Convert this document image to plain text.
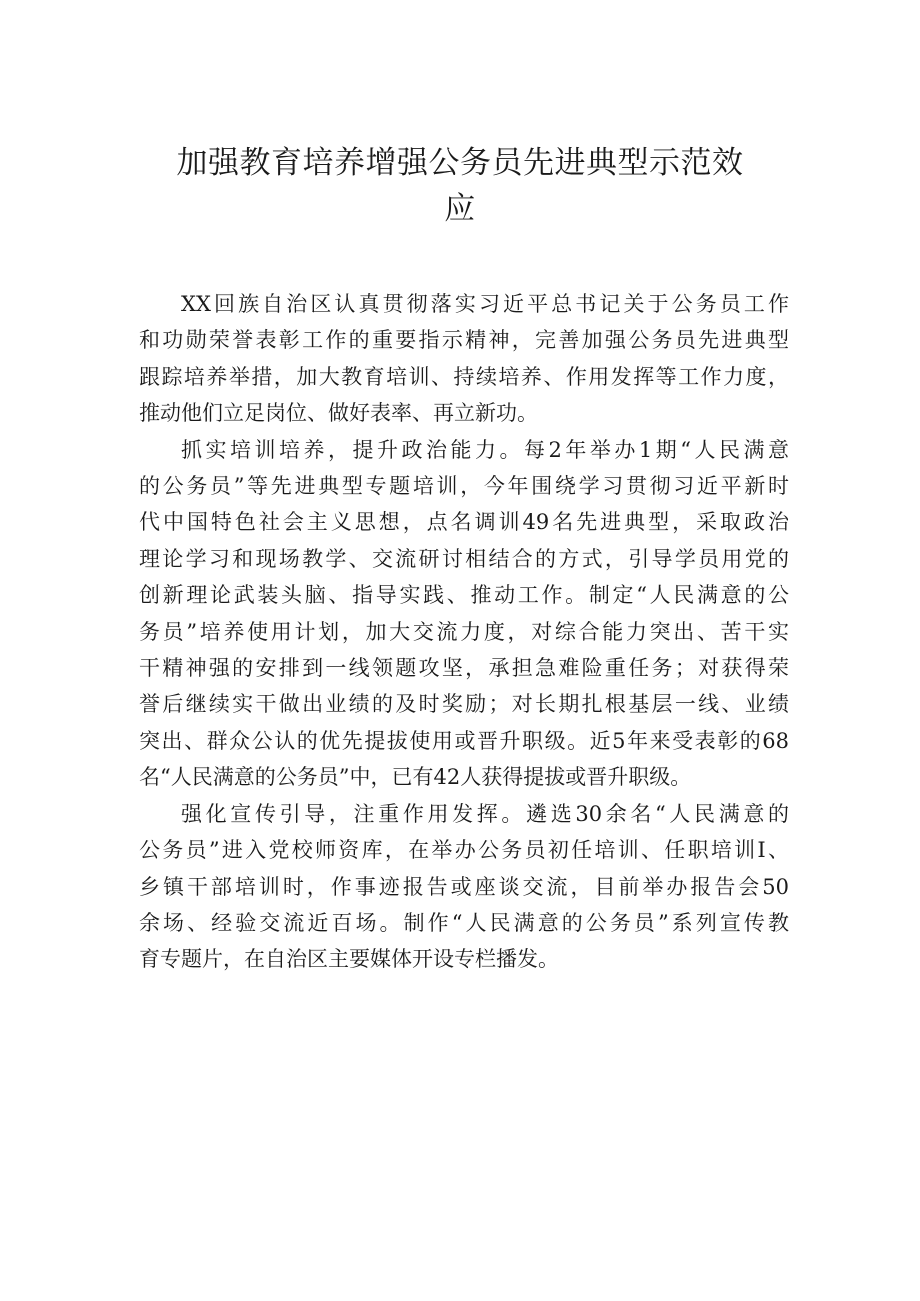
加强教育培养增强公务员先进典型示范效
应
XX回族自治区认真贯彻落实习近平总书记关于公务员工作
和功勋荣誉表彰工作的重要指示精神，完善加强公务员先进典型
跟踪培养举措，加大教育培训、持续培养、作用发挥等工作力度，
推动他们立足岗位、做好表率、再立新功。
抓实培训培养，提升政治能力。每2年举办1期“人民满意
的公务员”等先进典型专题培训，今年围绕学习贯彻习近平新时
代中国特色社会主义思想，点名调训49名先进典型，采取政治
理论学习和现场教学、交流研讨相结合的方式，引导学员用党的
创新理论武装头脑、指导实践、推动工作。制定“人民满意的公
务员”培养使用计划，加大交流力度，对综合能力突出、苦干实
干精神强的安排到一线领题攻坚，承担急难险重任务；对获得荣
誉后继续实干做出业绩的及时奖励；对长期扎根基层一线、业绩
突出、群众公认的优先提拔使用或晋升职级。近5年来受表彰的68
名“人民满意的公务员”中，已有42人获得提拔或晋升职级。
强化宣传引导，注重作用发挥。遴选30余名“人民满意的
公务员”进入党校师资库，在举办公务员初任培训、任职培训I、
乡镇干部培训时，作事迹报告或座谈交流，目前举办报告会50
余场、经验交流近百场。制作“人民满意的公务员”系列宣传教
育专题片，在自治区主要媒体开设专栏播发。
